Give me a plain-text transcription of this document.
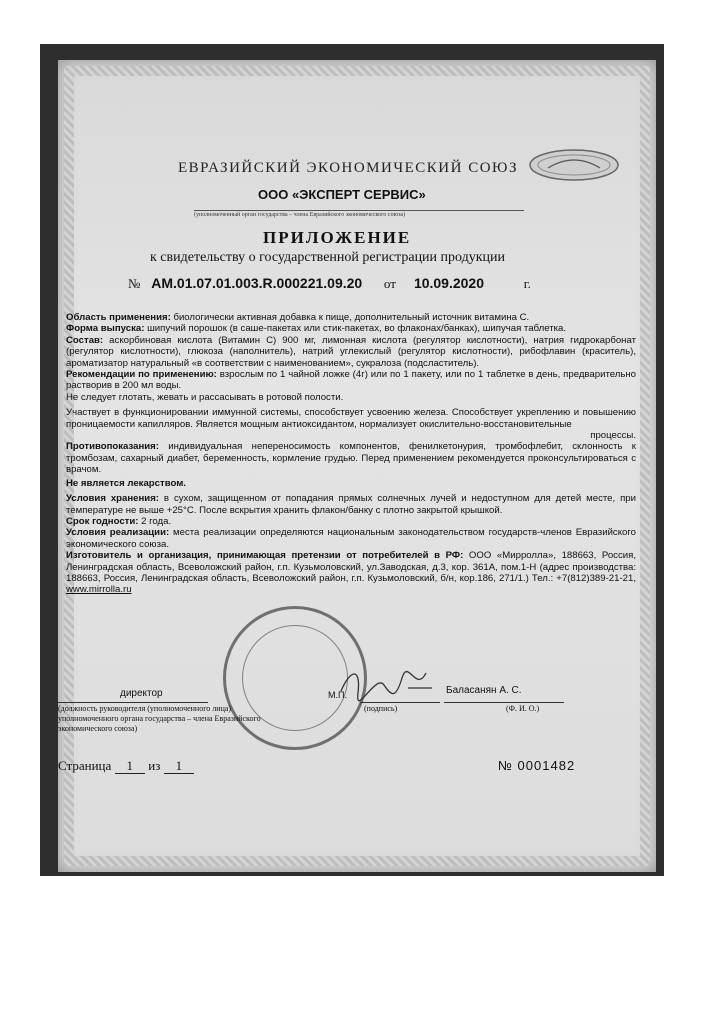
ЕВРАЗИЙСКИЙ ЭКОНОМИЧЕСКИЙ СОЮЗ
ООО «ЭКСПЕРТ СЕРВИС»
(уполномоченный орган государства – члена Евразийского экономического союза)
ПРИЛОЖЕНИЕ
к свидетельству о государственной регистрации продукции
№ AM.01.07.01.003.R.000221.09.20 от 10.09.2020	г.

Область применения: биологически активная добавка к пище, дополнительный источник витамина С.

Форма выпуска: шипучий порошок (в саше-пакетах или стик-пакетах, во флаконах/банках), шипучая таблетка.

Состав: аскорбиновая кислота (Витамин С) 900 мг, лимонная кислота (регулятор кислотности), натрия гидрокарбонат (регулятор кислотности), глюкоза (наполнитель), натрий углекислый (регулятор кислотности), рибофлавин (краситель), ароматизатор натуральный «в соответствии с наименованием», сукралоза (подсластитель).

Рекомендации по применению: взрослым по 1 чайной ложке (4г) или по 1 пакету, или по 1 таблетке в день, предварительно растворив в 200 мл воды.

Не следует глотать, жевать и рассасывать в ротовой полости.

Участвует в функционировании иммунной системы, способствует усвоению железа. Способствует укреплению и повышению проницаемости капилляров. Является мощным антиоксидантом, нормализует окислительно-восстановительные

процессы.

Противопоказания: индивидуальная непереносимость компонентов, фенилкетонурия, тромбофлебит, склонность к тромбозам, сахарный диабет, беременность, кормление грудью. Перед применением рекомендуется проконсультироваться с врачом.

Не является лекарством.

Условия хранения: в сухом, защищенном от попадания прямых солнечных лучей и недоступном для детей месте, при температуре не выше +25°С. После вскрытия хранить флакон/банку с плотно закрытой крышкой.

Срок годности: 2 года.

Условия реализации: места реализации определяются национальным законодательством государств-членов Евразийского экономического союза.

Изготовитель и организация, принимающая претензии от потребителей в РФ: ООО «Мирролла», 188663, Россия, Ленинградская область, Всеволожский район, г.п. Кузьмоловский, ул.Заводская, д.3, кор. 361А, пом.1-Н (адрес производства: 188663, Россия, Ленинградская область, Всеволожский район, г.п. Кузьмоловский, б/н, кор.186, 271/1.) Тел.: +7(812)389-21-21, www.mirrolla.ru

директор	М.П.	Баласанян А. С.
(должность руководителя (уполномоченного лица) уполномоченного органа государства – члена Евразийского экономического союза)
(подпись)	(Ф. И. О.)
Страница 1 из 1	№ 0001482
